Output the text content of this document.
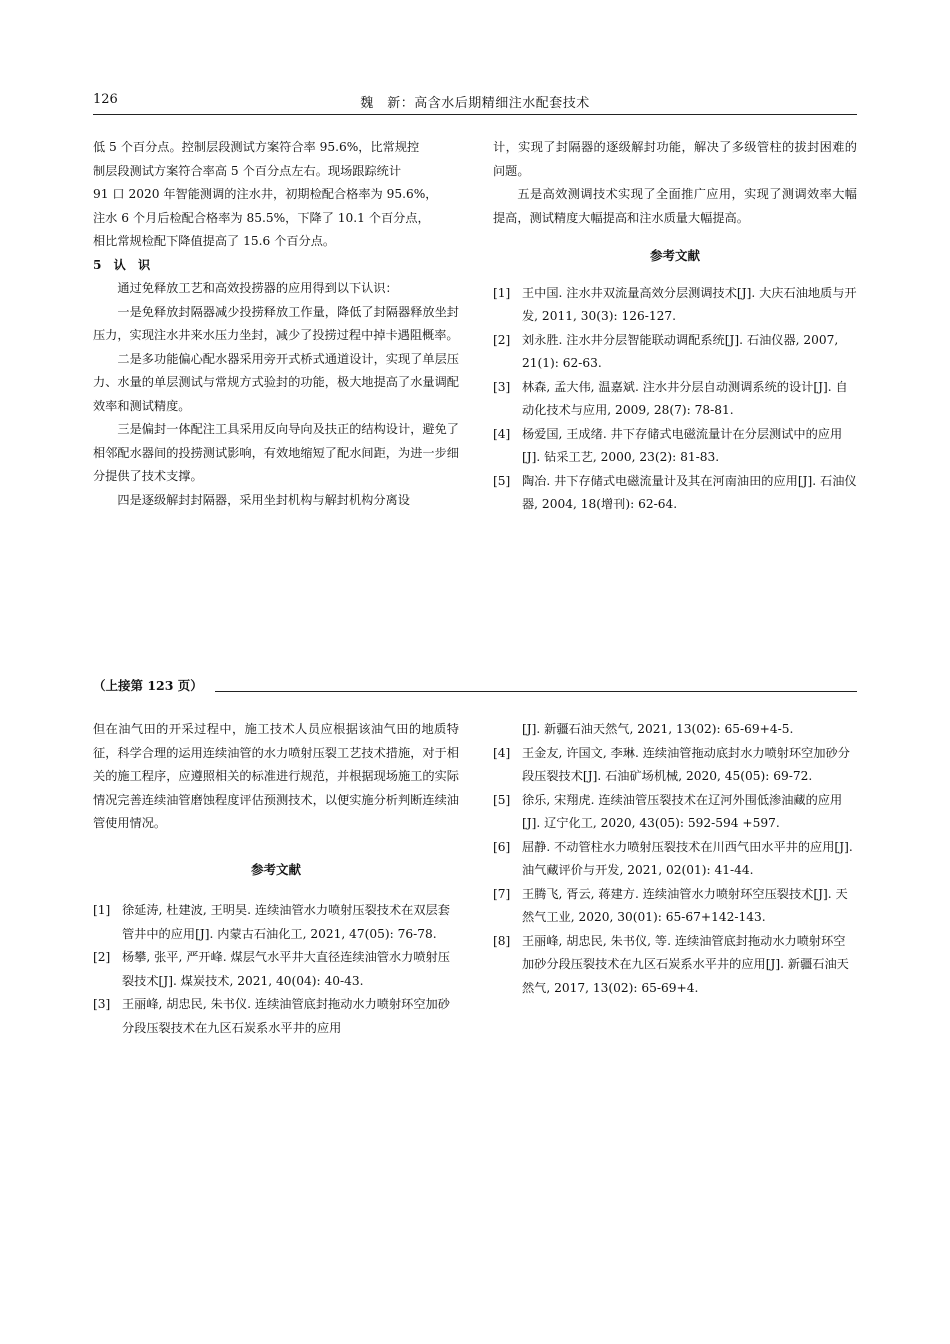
126	魏　新：高含水后期精细注水配套技术

低 5 个百分点。控制层段测试方案符合率 95.6%，比常规控

制层段测试方案符合率高 5 个百分点左右。现场跟踪统计

91 口 2020 年智能测调的注水井，初期检配合格率为 95.6%，

注水 6 个月后检配合格率为 85.5%，下降了 10.1 个百分点，

相比常规检配下降值提高了 15.6 个百分点。

5　认　识

通过免释放工艺和高效投捞器的应用得到以下认识：

一是免释放封隔器减少投捞释放工作量，降低了封隔器释放坐封压力，实现注水井来水压力坐封，减少了投捞过程中掉卡遇阻概率。

二是多功能偏心配水器采用旁开式桥式通道设计，实现了单层压力、水量的单层测试与常规方式验封的功能，极大地提高了水量调配效率和测试精度。

三是偏封一体配注工具采用反向导向及扶正的结构设计，避免了相邻配水器间的投捞测试影响，有效地缩短了配水间距，为进一步细分提供了技术支撑。

四是逐级解封封隔器，采用坐封机构与解封机构分离设

计，实现了封隔器的逐级解封功能，解决了多级管柱的拔封困难的问题。

五是高效测调技术实现了全面推广应用，实现了测调效率大幅提高，测试精度大幅提高和注水质量大幅提高。

参考文献

[1] 王中国. 注水井双流量高效分层测调技术[J]. 大庆石油地质与开发, 2011, 30(3): 126-127.
[2] 刘永胜. 注水井分层智能联动调配系统[J]. 石油仪器, 2007, 21(1): 62-63.
[3] 林森, 孟大伟, 温嘉斌. 注水井分层自动测调系统的设计[J]. 自动化技术与应用, 2009, 28(7): 78-81.
[4] 杨爱国, 王成绪. 井下存储式电磁流量计在分层测试中的应用[J]. 钻采工艺, 2000, 23(2): 81-83.
[5] 陶冶. 井下存储式电磁流量计及其在河南油田的应用[J]. 石油仪器, 2004, 18(增刊): 62-64.
（上接第 123 页）

但在油气田的开采过程中，施工技术人员应根据该油气田的地质特征，科学合理的运用连续油管的水力喷射压裂工艺技术措施，对于相关的施工程序，应遵照相关的标准进行规范，并根据现场施工的实际情况完善连续油管磨蚀程度评估预测技术，以便实施分析判断连续油管使用情况。

参考文献

[1] 徐延涛, 杜建波, 王明昊. 连续油管水力喷射压裂技术在双层套管井中的应用[J]. 内蒙古石油化工, 2021, 47(05): 76-78.
[2] 杨攀, 张平, 严开峰. 煤层气水平井大直径连续油管水力喷射压裂技术[J]. 煤炭技术, 2021, 40(04): 40-43.
[3] 王丽峰, 胡忠民, 朱书仪. 连续油管底封拖动水力喷射环空加砂分段压裂技术在九区石炭系水平井的应用
[J]. 新疆石油天然气, 2021, 13(02): 65-69+4-5.
[4] 王金友, 许国文, 李琳. 连续油管拖动底封水力喷射环空加砂分段压裂技术[J]. 石油矿场机械, 2020, 45(05): 69-72.
[5] 徐乐, 宋翔虎. 连续油管压裂技术在辽河外围低渗油藏的应用[J]. 辽宁化工, 2020, 43(05): 592-594 +597.
[6] 屈静. 不动管柱水力喷射压裂技术在川西气田水平井的应用[J]. 油气藏评价与开发, 2021, 02(01): 41-44.
[7] 王腾飞, 胥云, 蒋建方. 连续油管水力喷射环空压裂技术[J]. 天然气工业, 2020, 30(01): 65-67+142-143.
[8] 王丽峰, 胡忠民, 朱书仪, 等. 连续油管底封拖动水力喷射环空加砂分段压裂技术在九区石炭系水平井的应用[J]. 新疆石油天然气, 2017, 13(02): 65-69+4.
